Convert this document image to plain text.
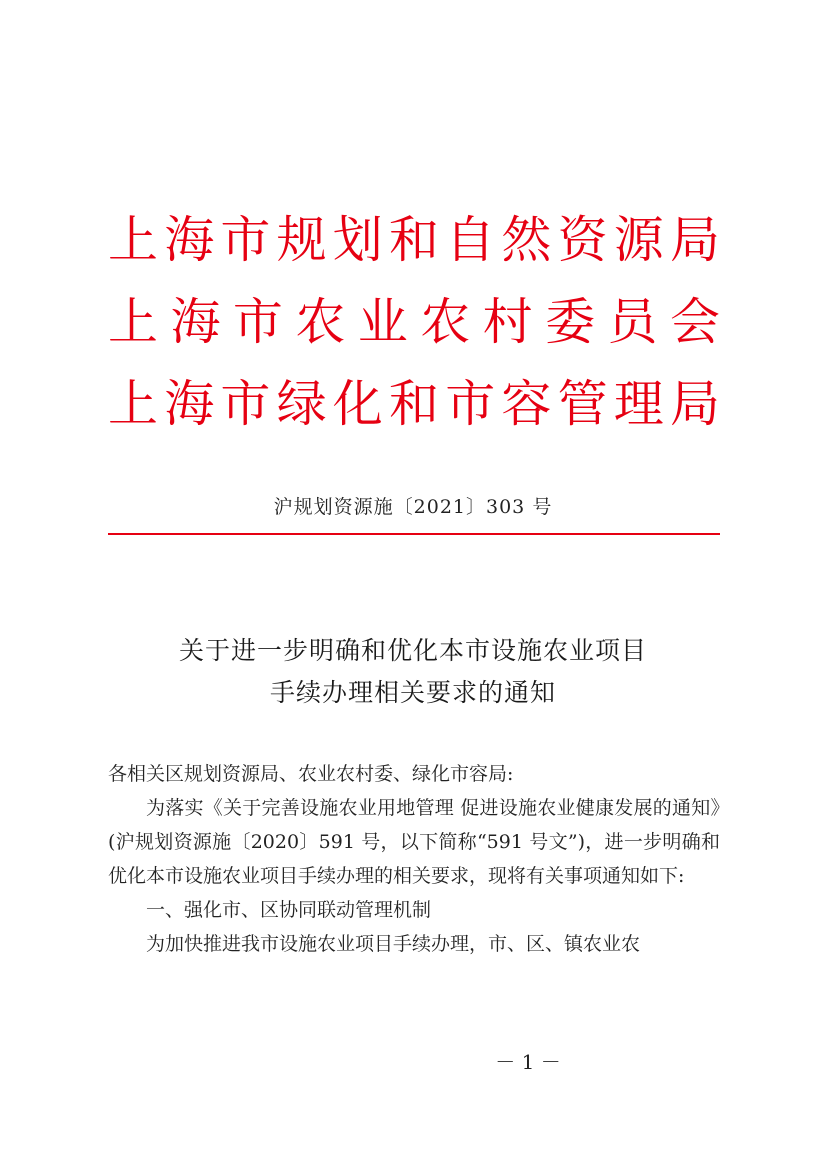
上海市规划和自然资源局
上海市农业农村委员会
上海市绿化和市容管理局
沪规划资源施〔2021〕303 号
关于进一步明确和优化本市设施农业项目
手续办理相关要求的通知

各相关区规划资源局、农业农村委、绿化市容局:

为落实《关于完善设施农业用地管理 促进设施农业健康发展的通知》(沪规划资源施〔2020〕591 号，以下简称“591 号文”)，进一步明确和优化本市设施农业项目手续办理的相关要求，现将有关事项通知如下:

一、强化市、区协同联动管理机制

为加快推进我市设施农业项目手续办理，市、区、镇农业农

－ 1 －
